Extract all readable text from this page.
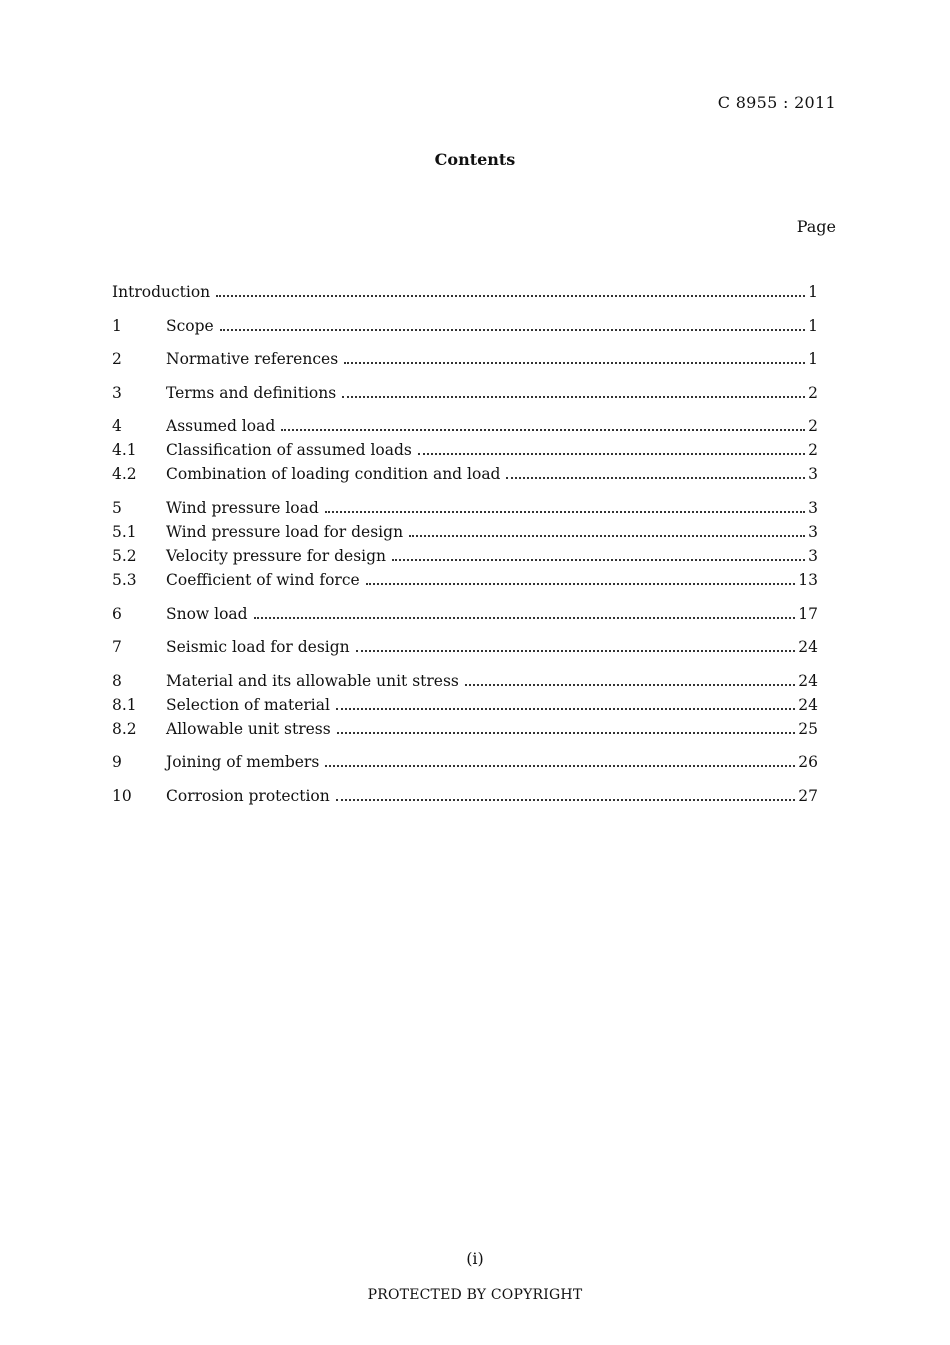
C 8955 : 2011
Contents
Page
Introduction	1
1	Scope	1
2	Normative references	1
3	Terms and definitions	2
4	Assumed load	2
4.1	Classification of assumed loads	2
4.2	Combination of loading condition and load	3
5	Wind pressure load	3
5.1	Wind pressure load for design	3
5.2	Velocity pressure for design	3
5.3	Coefficient of wind force	13
6	Snow load	17
7	Seismic load for design	24
8	Material and its allowable unit stress	24
8.1	Selection of material	24
8.2	Allowable unit stress	25
9	Joining of members	26
10	Corrosion protection	27
(i)
PROTECTED BY COPYRIGHT
